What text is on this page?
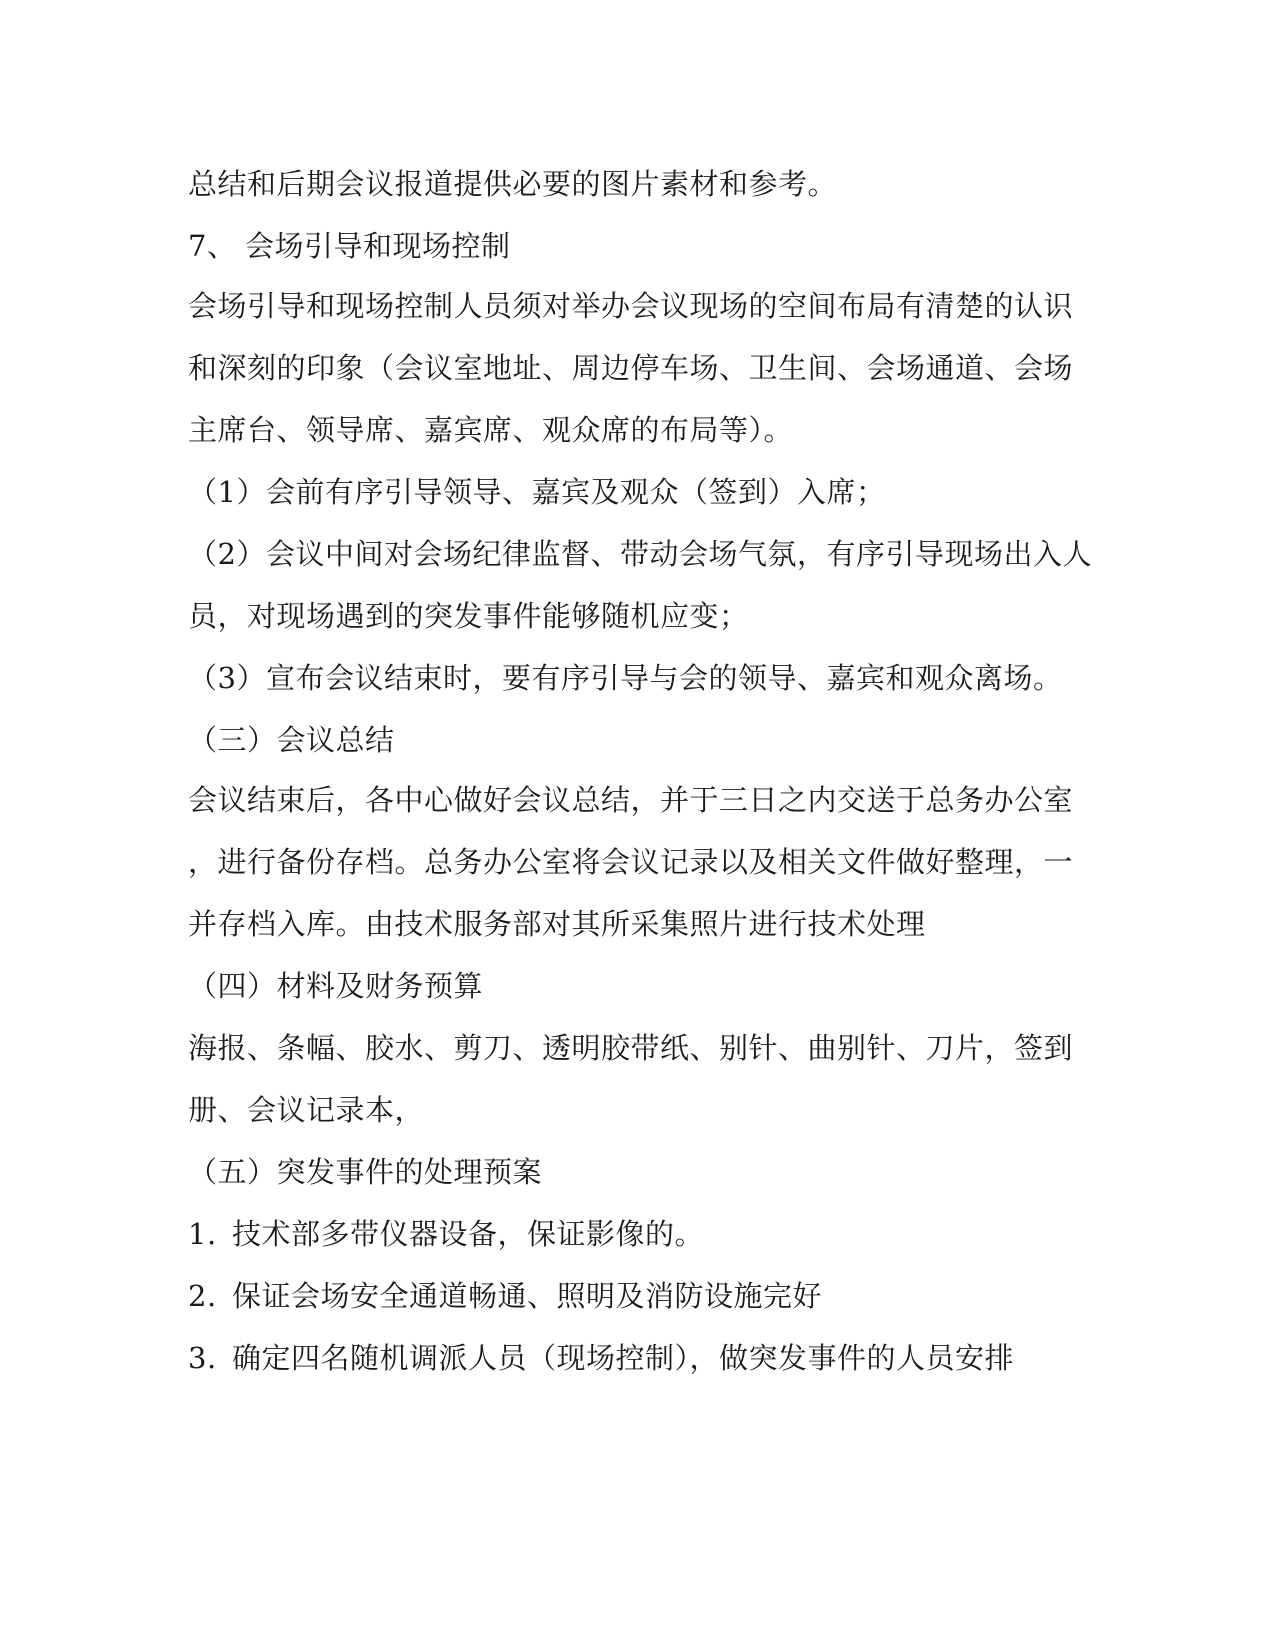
总结和后期会议报道提供必要的图片素材和参考。
7、 会场引导和现场控制
会场引导和现场控制人员须对举办会议现场的空间布局有清楚的认识
和深刻的印象（会议室地址、周边停车场、卫生间、会场通道、会场
主席台、领导席、嘉宾席、观众席的布局等）。
（1）会前有序引导领导、嘉宾及观众（签到）入席；
（2）会议中间对会场纪律监督、带动会场气氛，有序引导现场出入人
员，对现场遇到的突发事件能够随机应变；
（3）宣布会议结束时，要有序引导与会的领导、嘉宾和观众离场。
（三）会议总结
会议结束后，各中心做好会议总结，并于三日之内交送于总务办公室
，进行备份存档。总务办公室将会议记录以及相关文件做好整理，一
并存档入库。由技术服务部对其所采集照片进行技术处理
（四）材料及财务预算
海报、条幅、胶水、剪刀、透明胶带纸、别针、曲别针、刀片，签到
册、会议记录本，
（五）突发事件的处理预案
1. 技术部多带仪器设备，保证影像的。
2. 保证会场安全通道畅通、照明及消防设施完好
3. 确定四名随机调派人员（现场控制），做突发事件的人员安排
